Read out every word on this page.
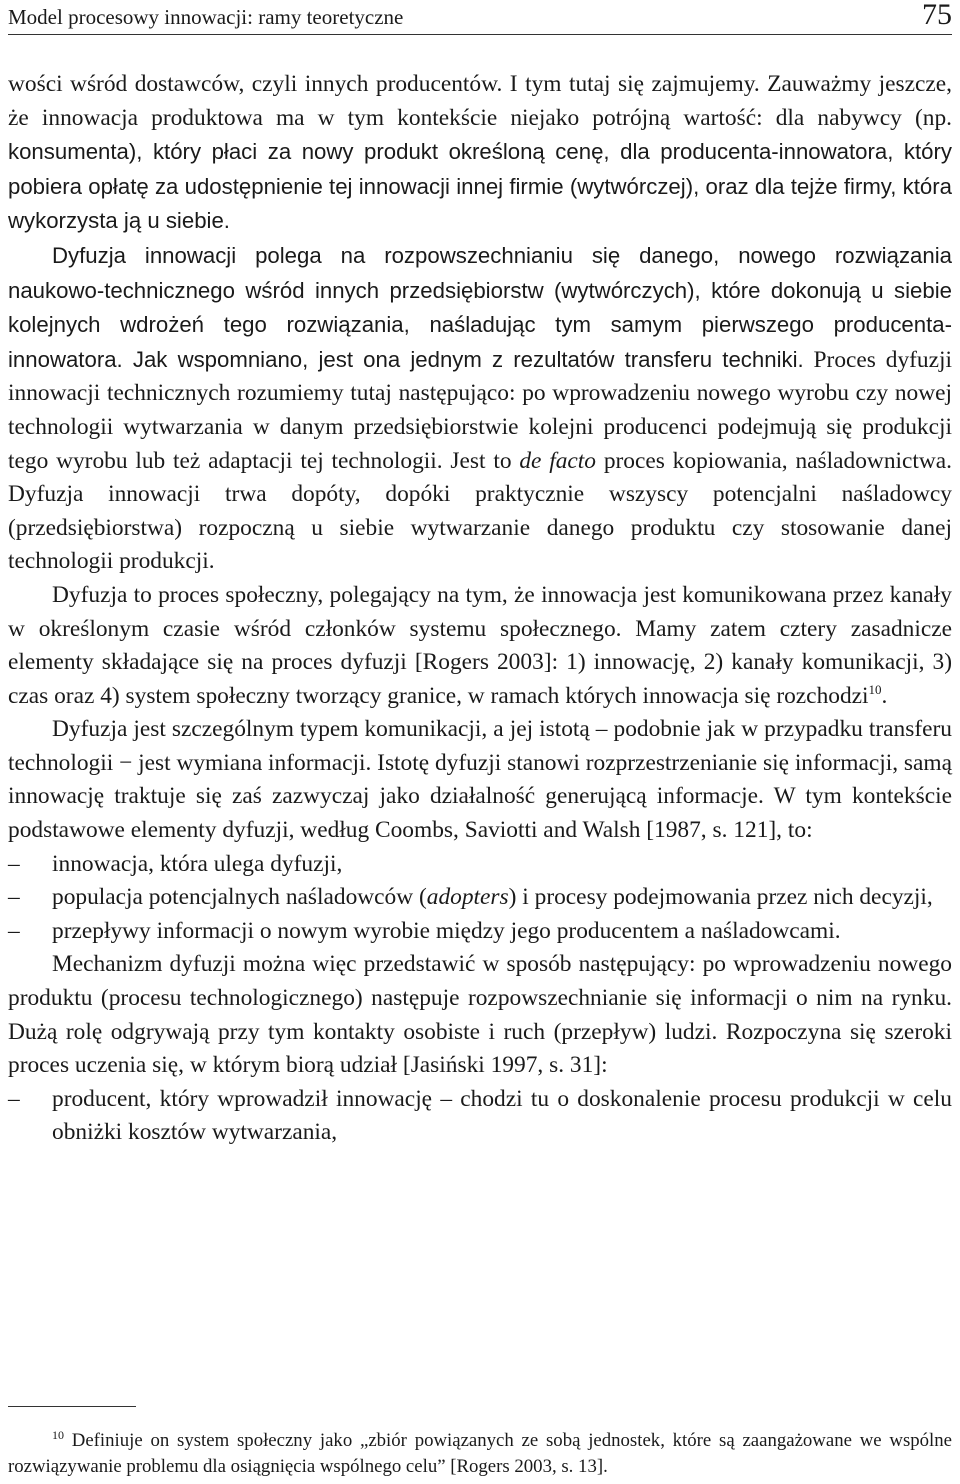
Model procesowy innowacji: ramy teoretyczne	75

wości wśród dostawców, czyli innych producentów. I tym tutaj się zajmujemy. Zauważmy jeszcze, że innowacja produktowa ma w tym kontekście niejako potrójną wartość: dla nabywcy (np. konsumenta), który płaci za nowy produkt określoną cenę, dla producenta-innowatora, który pobiera opłatę za udostępnienie tej innowacji innej firmie (wytwórczej), oraz dla tejże firmy, która wykorzysta ją u siebie.

Dyfuzja innowacji polega na rozpowszechnianiu się danego, nowego rozwiązania naukowo-technicznego wśród innych przedsiębiorstw (wytwórczych), które dokonują u siebie kolejnych wdrożeń tego rozwiązania, naśladując tym samym pierwszego producenta-innowatora. Jak wspomniano, jest ona jednym z rezultatów transferu techniki. Proces dyfuzji innowacji technicznych rozumiemy tutaj następująco: po wprowadzeniu nowego wyrobu czy nowej technologii wytwarzania w danym przedsiębiorstwie kolejni producenci podejmują się produkcji tego wyrobu lub też adaptacji tej technologii. Jest to de facto proces kopiowania, naśladownictwa. Dyfuzja innowacji trwa dopóty, dopóki praktycznie wszyscy potencjalni naśladowcy (przedsiębiorstwa) rozpoczną u siebie wytwarzanie danego produktu czy stosowanie danej technologii produkcji.

Dyfuzja to proces społeczny, polegający na tym, że innowacja jest komunikowana przez kanały w określonym czasie wśród członków systemu społecznego. Mamy zatem cztery zasadnicze elementy składające się na proces dyfuzji [Rogers 2003]: 1) innowację, 2) kanały komunikacji, 3) czas oraz 4) system społeczny tworzący granice, w ramach których innowacja się rozchodzi$^{10}$.

Dyfuzja jest szczególnym typem komunikacji, a jej istotą – podobnie jak w przypadku transferu technologii − jest wymiana informacji. Istotę dyfuzji stanowi rozprzestrzenianie się informacji, samą innowację traktuje się zaś zazwyczaj jako działalność generującą informacje. W tym kontekście podstawowe elementy dyfuzji, według Coombs, Saviotti and Walsh [1987, s. 121], to:

– innowacja, która ulega dyfuzji,
– populacja potencjalnych naśladowców (adopters) i procesy podejmowania przez nich decyzji,
– przepływy informacji o nowym wyrobie między jego producentem a naśladowcami.

Mechanizm dyfuzji można więc przedstawić w sposób następujący: po wprowadzeniu nowego produktu (procesu technologicznego) następuje rozpowszechnianie się informacji o nim na rynku. Dużą rolę odgrywają przy tym kontakty osobiste i ruch (przepływ) ludzi. Rozpoczyna się szeroki proces uczenia się, w którym biorą udział [Jasiński 1997, s. 31]:

– producent, który wprowadził innowację – chodzi tu o doskonalenie procesu produkcji w celu obniżki kosztów wytwarzania,

$^{10}$ Definiuje on system społeczny jako „zbiór powiązanych ze sobą jednostek, które są zaangażowane we wspólne rozwiązywanie problemu dla osiągnięcia wspólnego celu” [Rogers 2003, s. 13].
